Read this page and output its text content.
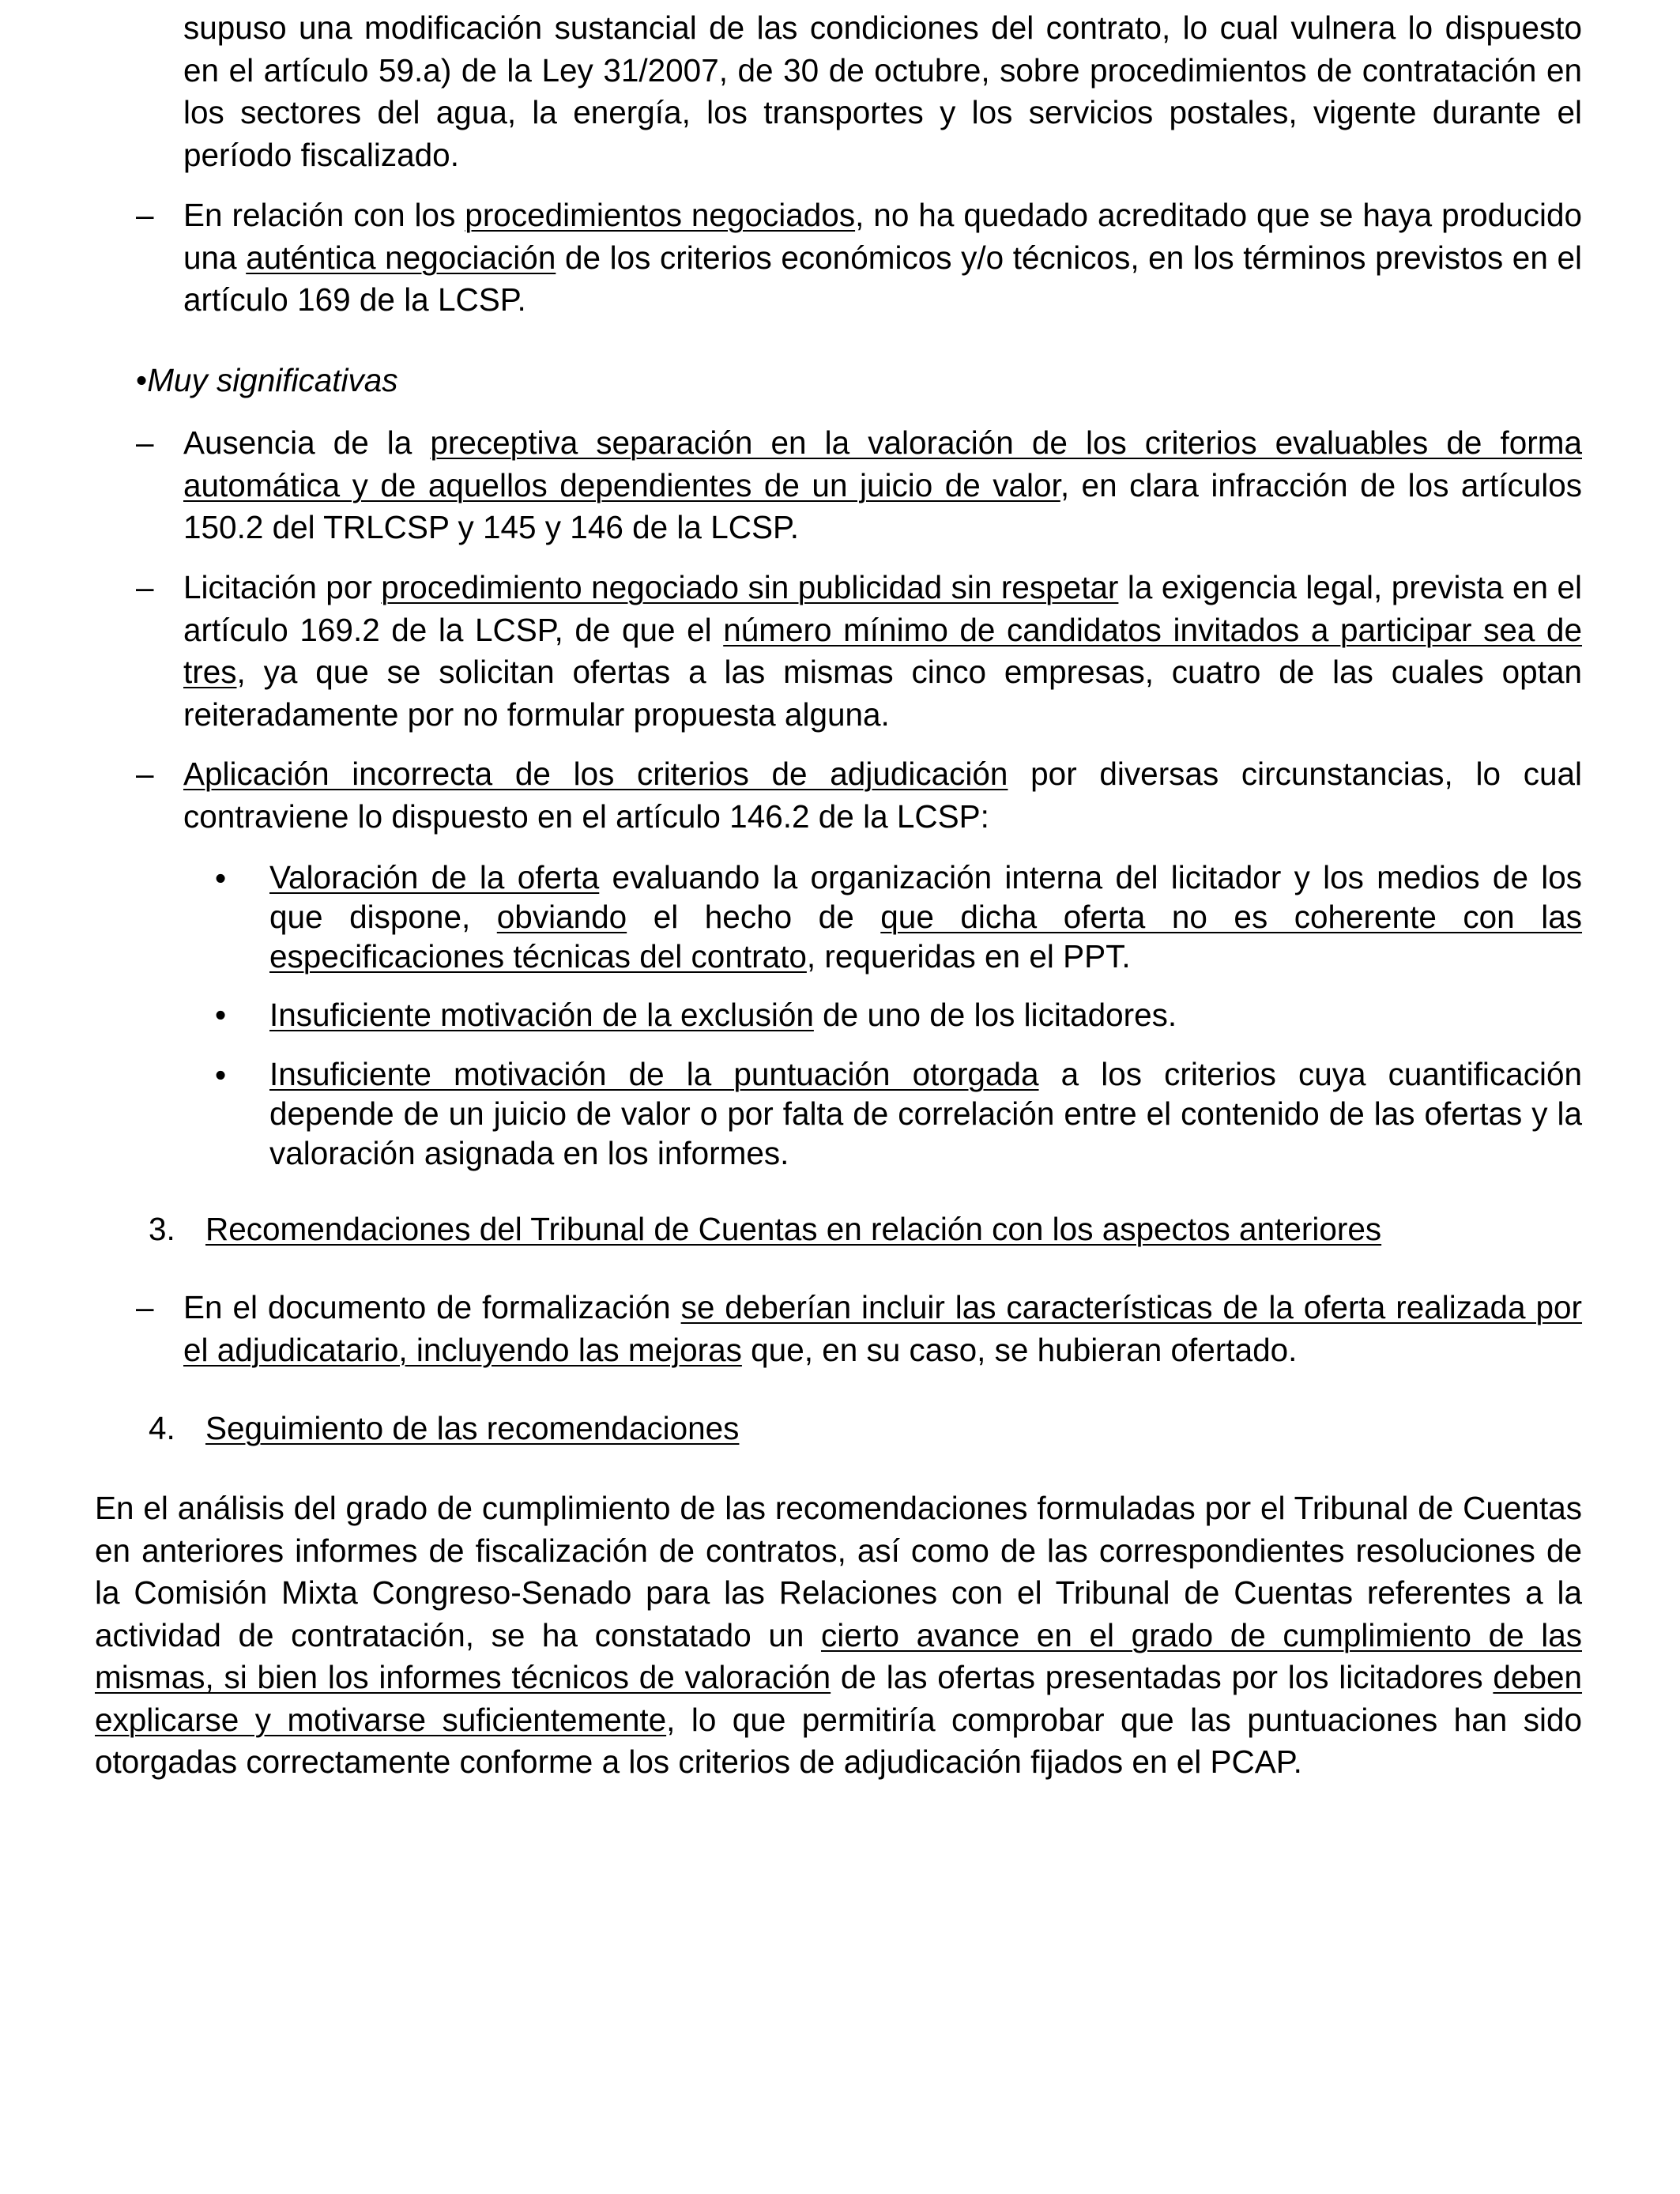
supuso una modificación sustancial de las condiciones del contrato, lo cual vulnera lo dispuesto en el artículo 59.a) de la Ley 31/2007, de 30 de octubre, sobre procedimientos de contratación en los sectores del agua, la energía, los transportes y los servicios postales, vigente durante el período fiscalizado.

– En relación con los procedimientos negociados, no ha quedado acreditado que se haya producido una auténtica negociación de los criterios económicos y/o técnicos, en los términos previstos en el artículo 169 de la LCSP.

•Muy significativas

– Ausencia de la preceptiva separación en la valoración de los criterios evaluables de forma automática y de aquellos dependientes de un juicio de valor, en clara infracción de los artículos 150.2 del TRLCSP y 145 y 146 de la LCSP.

– Licitación por procedimiento negociado sin publicidad sin respetar la exigencia legal, prevista en el artículo 169.2 de la LCSP, de que el número mínimo de candidatos invitados a participar sea de tres, ya que se solicitan ofertas a las mismas cinco empresas, cuatro de las cuales optan reiteradamente por no formular propuesta alguna.

– Aplicación incorrecta de los criterios de adjudicación por diversas circunstancias, lo cual contraviene lo dispuesto en el artículo 146.2 de la LCSP:

• Valoración de la oferta evaluando la organización interna del licitador y los medios de los que dispone, obviando el hecho de que dicha oferta no es coherente con las especificaciones técnicas del contrato, requeridas en el PPT.

• Insuficiente motivación de la exclusión de uno de los licitadores.

• Insuficiente motivación de la puntuación otorgada a los criterios cuya cuantificación depende de un juicio de valor o por falta de correlación entre el contenido de las ofertas y la valoración asignada en los informes.

3. Recomendaciones del Tribunal de Cuentas en relación con los aspectos anteriores

– En el documento de formalización se deberían incluir las características de la oferta realizada por el adjudicatario, incluyendo las mejoras que, en su caso, se hubieran ofertado.

4. Seguimiento de las recomendaciones

En el análisis del grado de cumplimiento de las recomendaciones formuladas por el Tribunal de Cuentas en anteriores informes de fiscalización de contratos, así como de las correspondientes resoluciones de la Comisión Mixta Congreso-Senado para las Relaciones con el Tribunal de Cuentas referentes a la actividad de contratación, se ha constatado un cierto avance en el grado de cumplimiento de las mismas, si bien los informes técnicos de valoración de las ofertas presentadas por los licitadores deben explicarse y motivarse suficientemente, lo que permitiría comprobar que las puntuaciones han sido otorgadas correctamente conforme a los criterios de adjudicación fijados en el PCAP.
